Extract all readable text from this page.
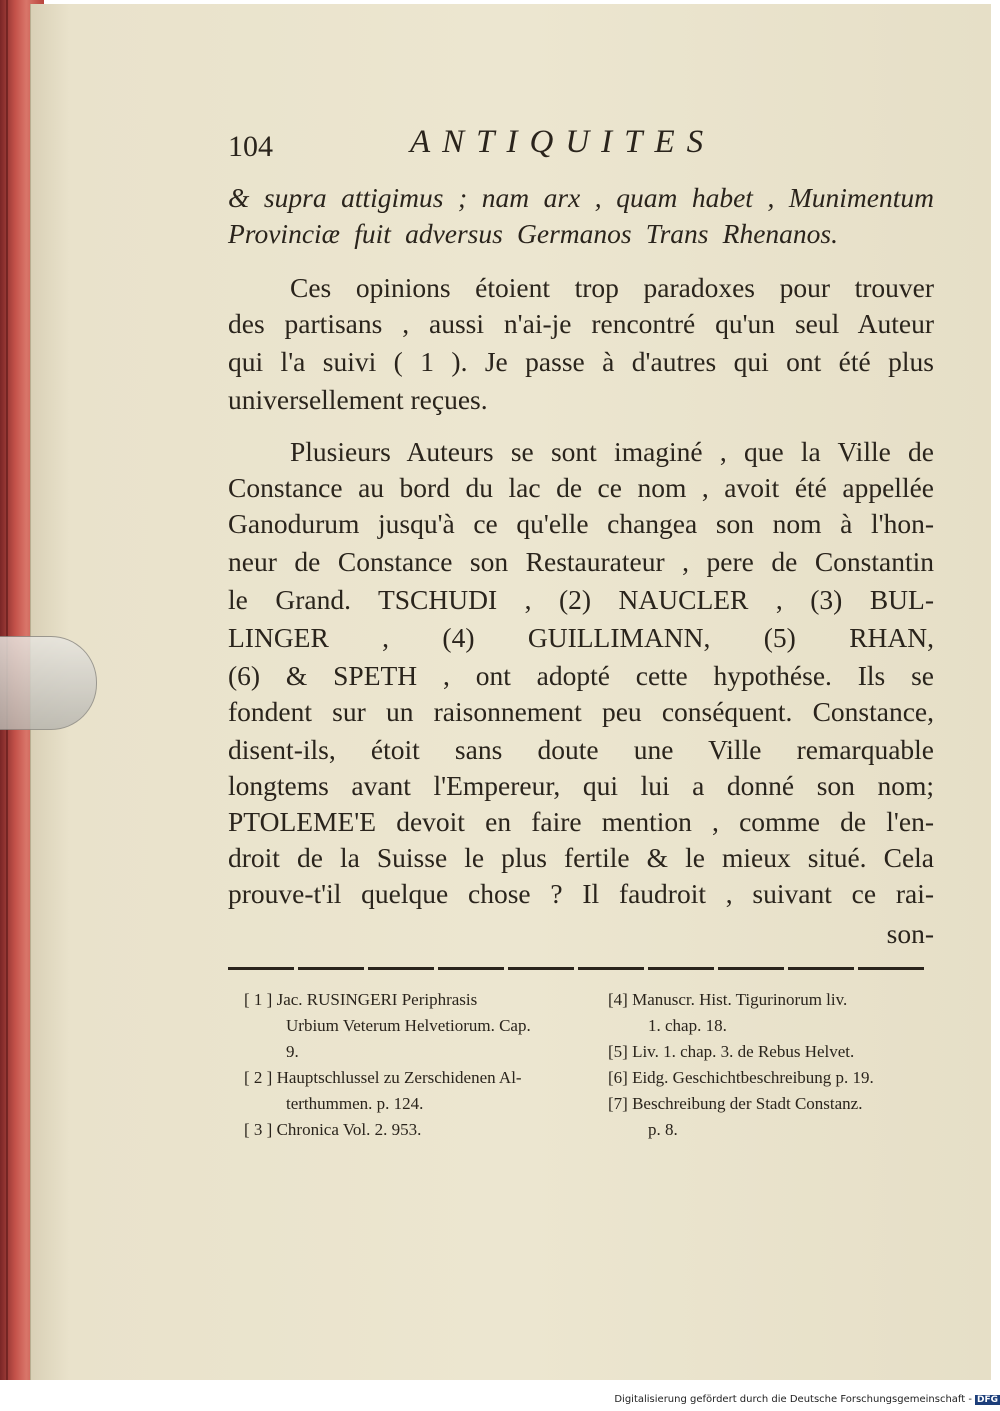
104	ANTIQUITES
& supra attigimus ; nam arx , quam habet , Munimentum
Provinciæ fuit adversus Germanos Trans Rhenanos.
Ces opinions étoient trop paradoxes pour trouver
des partisans , aussi n'ai-je rencontré qu'un seul Auteur
qui l'a suivi ( 1 ). Je passe à d'autres qui ont été plus
universellement reçues.
Plusieurs Auteurs se sont imaginé , que la Ville de
Constance au bord du lac de ce nom , avoit été appellée
Ganodurum jusqu'à ce qu'elle changea son nom à l'hon-
neur de Constance son Restaurateur , pere de Constantin
le Grand. TSCHUDI , (2) NAUCLER , (3) BUL-
LINGER , (4) GUILLIMANN, (5) RHAN,
(6) & SPETH , ont adopté cette hypothése. Ils se
fondent sur un raisonnement peu conséquent. Constance,
disent-ils, étoit sans doute une Ville remarquable
longtems avant l'Empereur, qui lui a donné son nom;
PTOLEME'E devoit en faire mention , comme de l'en-
droit de la Suisse le plus fertile & le mieux situé. Cela
prouve-t'il quelque chose ? Il faudroit , suivant ce rai-
son-
[ 1 ] Jac. RUSINGERI Periphrasis
Urbium Veterum Helvetiorum. Cap.
9.
[ 2 ] Hauptschlussel zu Zerschidenen Al-
terthummen. p. 124.
[ 3 ] Chronica Vol. 2. 953.
[4] Manuscr. Hist. Tigurinorum liv.
1. chap. 18.
[5] Liv. 1. chap. 3. de Rebus Helvet.
[6] Eidg. Geschichtbeschreibung p. 19.
[7] Beschreibung der Stadt Constanz.
p. 8.
Digitalisierung gefördert durch die Deutsche Forschungsgemeinschaft - DFG
